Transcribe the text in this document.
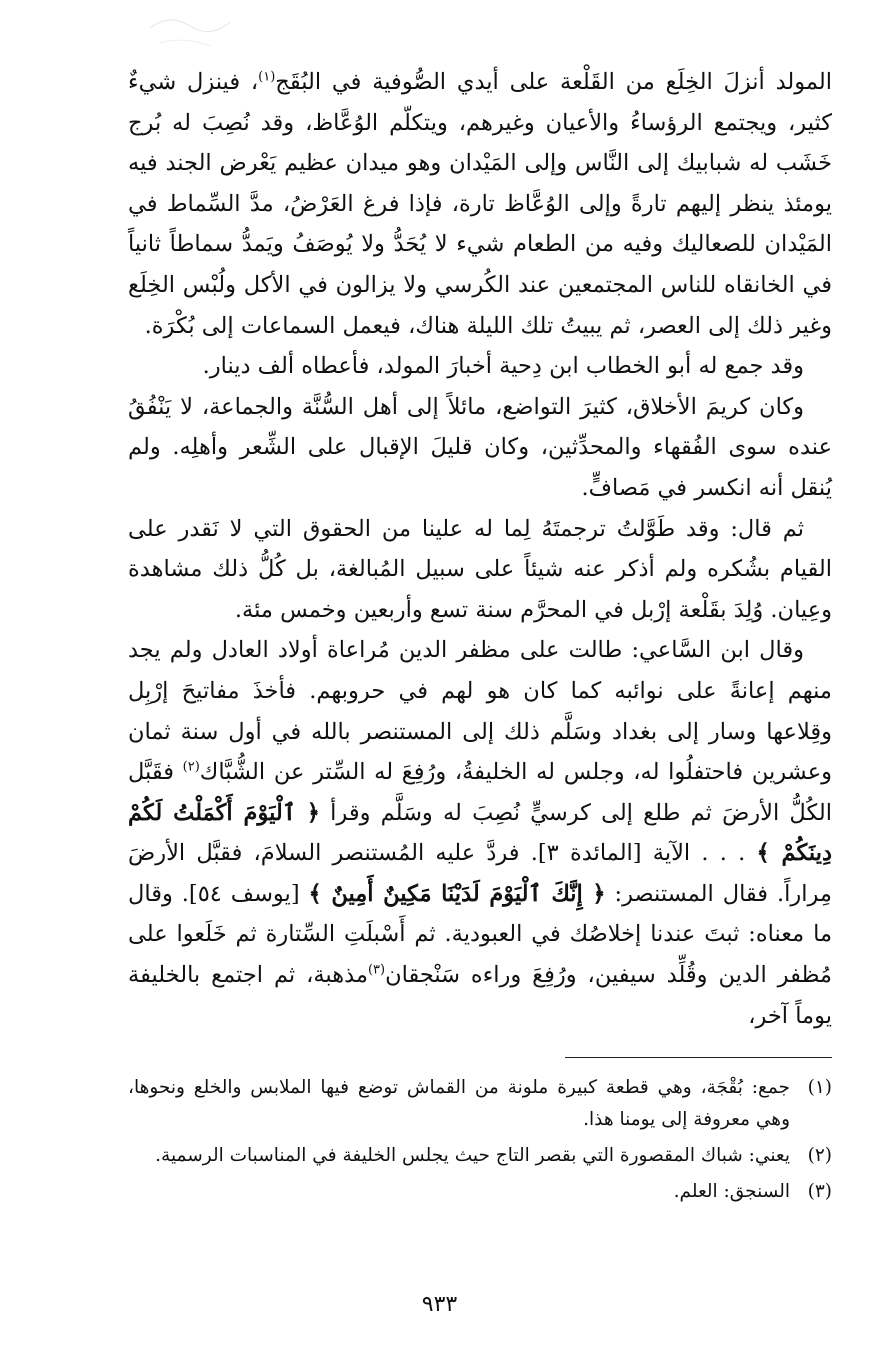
المولد أنزلَ الخِلَع من القَلْعة على أيدي الصُّوفية في البُقَج$^{(١)}$، فينزل شيءٌ كثير، ويجتمع الرؤساءُ والأعيان وغيرهم، ويتكلّم الوُعَّاظ، وقد نُصِبَ له بُرج خَشَب له شبابيك إلى النَّاس وإلى المَيْدان وهو ميدان عظيم يَعْرض الجند فيه يومئذ ينظر إليهم تارةً وإلى الوُعَّاظ تارة، فإذا فرغ العَرْضُ، مدَّ السِّماط في المَيْدان للصعاليك وفيه من الطعام شيء لا يُحَدُّ ولا يُوصَفُ ويَمدُّ سماطاً ثانياً في الخانقاه للناس المجتمعين عند الكُرسي ولا يزالون في الأكل ولُبْس الخِلَع وغير ذلك إلى العصر، ثم يبيتُ تلك الليلة هناك، فيعمل السماعات إلى بُكْرَة.

وقد جمع له أبو الخطاب ابن دِحية أخبارَ المولد، فأعطاه ألف دينار.

وكان كريمَ الأخلاق، كثيرَ التواضع، مائلاً إلى أهل السُّنَّة والجماعة، لا يَنْفُقُ عنده سوى الفُقهاء والمحدِّثين، وكان قليلَ الإقبال على الشِّعر وأهلِه. ولم يُنقل أنه انكسر في مَصافٍّ.

ثم قال: وقد طَوَّلتُ ترجمتَهُ لِما له علينا من الحقوق التي لا نَقدر على القيام بشُكره ولم أذكر عنه شيئاً على سبيل المُبالغة، بل كُلُّ ذلك مشاهدة وعِيان. وُلِدَ بقَلْعة إرْبل في المحرَّم سنة تسع وأربعين وخمس مئة.

وقال ابن السَّاعي: طالت على مظفر الدين مُراعاة أولاد العادل ولم يجد منهم إعانةً على نوائبه كما كان هو لهم في حروبهم. فأخذَ مفاتيحَ إرْبِل وقِلاعها وسار إلى بغداد وسَلَّم ذلك إلى المستنصر بالله في أول سنة ثمان وعشرين فاحتفلُوا له، وجلس له الخليفةُ، ورُفِعَ له السِّتر عن الشُّبَّاك$^{(٢)}$ فقَبَّل الكُلُّ الأرضَ ثم طلع إلى كرسيٍّ نُصِبَ له وسَلَّم وقرأ ﴿ ٱلْيَوْمَ أَكْمَلْتُ لَكُمْ دِينَكُمْ ﴾ . . . الآية [المائدة ٣]. فردَّ عليه المُستنصر السلامَ، فقبَّل الأرضَ مِراراً. فقال المستنصر: ﴿ إِنَّكَ ٱلْيَوْمَ لَدَيْنَا مَكِينٌ أَمِينٌ ﴾ [يوسف ٥٤]. وقال ما معناه: ثبتَ عندنا إخلاصُك في العبودية. ثم أَسْبلَتِ السِّتارة ثم خَلَعوا على مُظفر الدين وقُلِّد سيفين، ورُفِعَ وراءه سَنْجقان$^{(٣)}$مذهبة، ثم اجتمع بالخليفة يوماً آخر،

(١)
جمع: بُقْجَة، وهي قطعة كبيرة ملونة من القماش توضع فيها الملابس والخلع ونحوها، وهي معروفة إلى يومنا هذا.
(٢)
يعني: شباك المقصورة التي بقصر التاج حيث يجلس الخليفة في المناسبات الرسمية.
(٣)
السنجق: العلم.
٩٣٣
